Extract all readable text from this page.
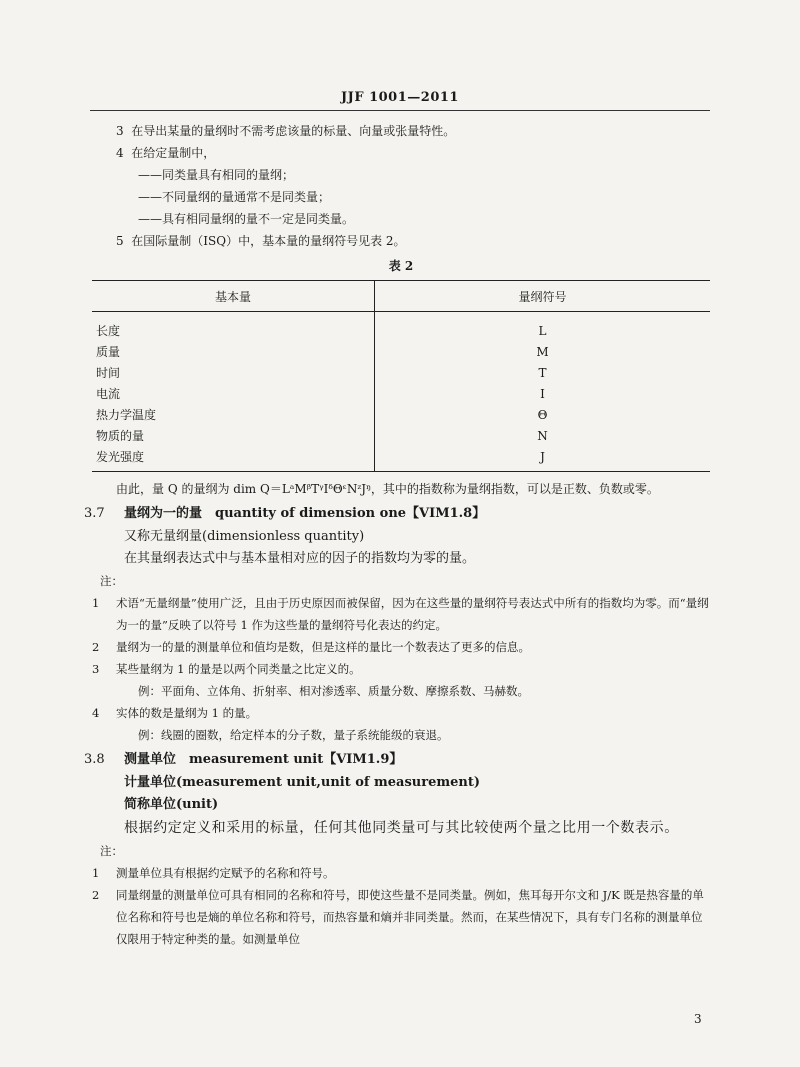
JJF 1001—2011
3 在导出某量的量纲时不需考虑该量的标量、向量或张量特性。
4 在给定量制中，
——同类量具有相同的量纲；
——不同量纲的量通常不是同类量；
——具有相同量纲的量不一定是同类量。
5 在国际量制（ISQ）中，基本量的量纲符号见表 2。
表 2
基本量	量纲符号
长度	L
质量	M
时间	T
电流	I
热力学温度	Θ
物质的量	N
发光强度	J
由此，量 Q 的量纲为 dim Q＝LᵃMᵝTᵞIᵟΘᵋNᶻJᵑ，其中的指数称为量纲指数，可以是正数、负数或零。
3.7 量纲为一的量　quantity of dimension one【VIM1.8】
又称无量纲量(dimensionless quantity)
在其量纲表达式中与基本量相对应的因子的指数均为零的量。
注：
1 术语“无量纲量”使用广泛，且由于历史原因而被保留，因为在这些量的量纲符号表达式中所有的指数均为零。而“量纲为一的量”反映了以符号 1 作为这些量的量纲符号化表达的约定。
2 量纲为一的量的测量单位和值均是数，但是这样的量比一个数表达了更多的信息。
3 某些量纲为 1 的量是以两个同类量之比定义的。
例：平面角、立体角、折射率、相对渗透率、质量分数、摩擦系数、马赫数。
4 实体的数是量纲为 1 的量。
例：线圈的圈数，给定样本的分子数，量子系统能级的衰退。
3.8 测量单位　measurement unit【VIM1.9】
计量单位(measurement unit,unit of measurement)
简称单位(unit)
根据约定定义和采用的标量，任何其他同类量可与其比较使两个量之比用一个数表示。
注：
1 测量单位具有根据约定赋予的名称和符号。
2 同量纲量的测量单位可具有相同的名称和符号，即使这些量不是同类量。例如，焦耳每开尔文和 J/K 既是热容量的单位名称和符号也是熵的单位名称和符号，而热容量和熵并非同类量。然而，在某些情况下，具有专门名称的测量单位仅限用于特定种类的量。如测量单位
3
